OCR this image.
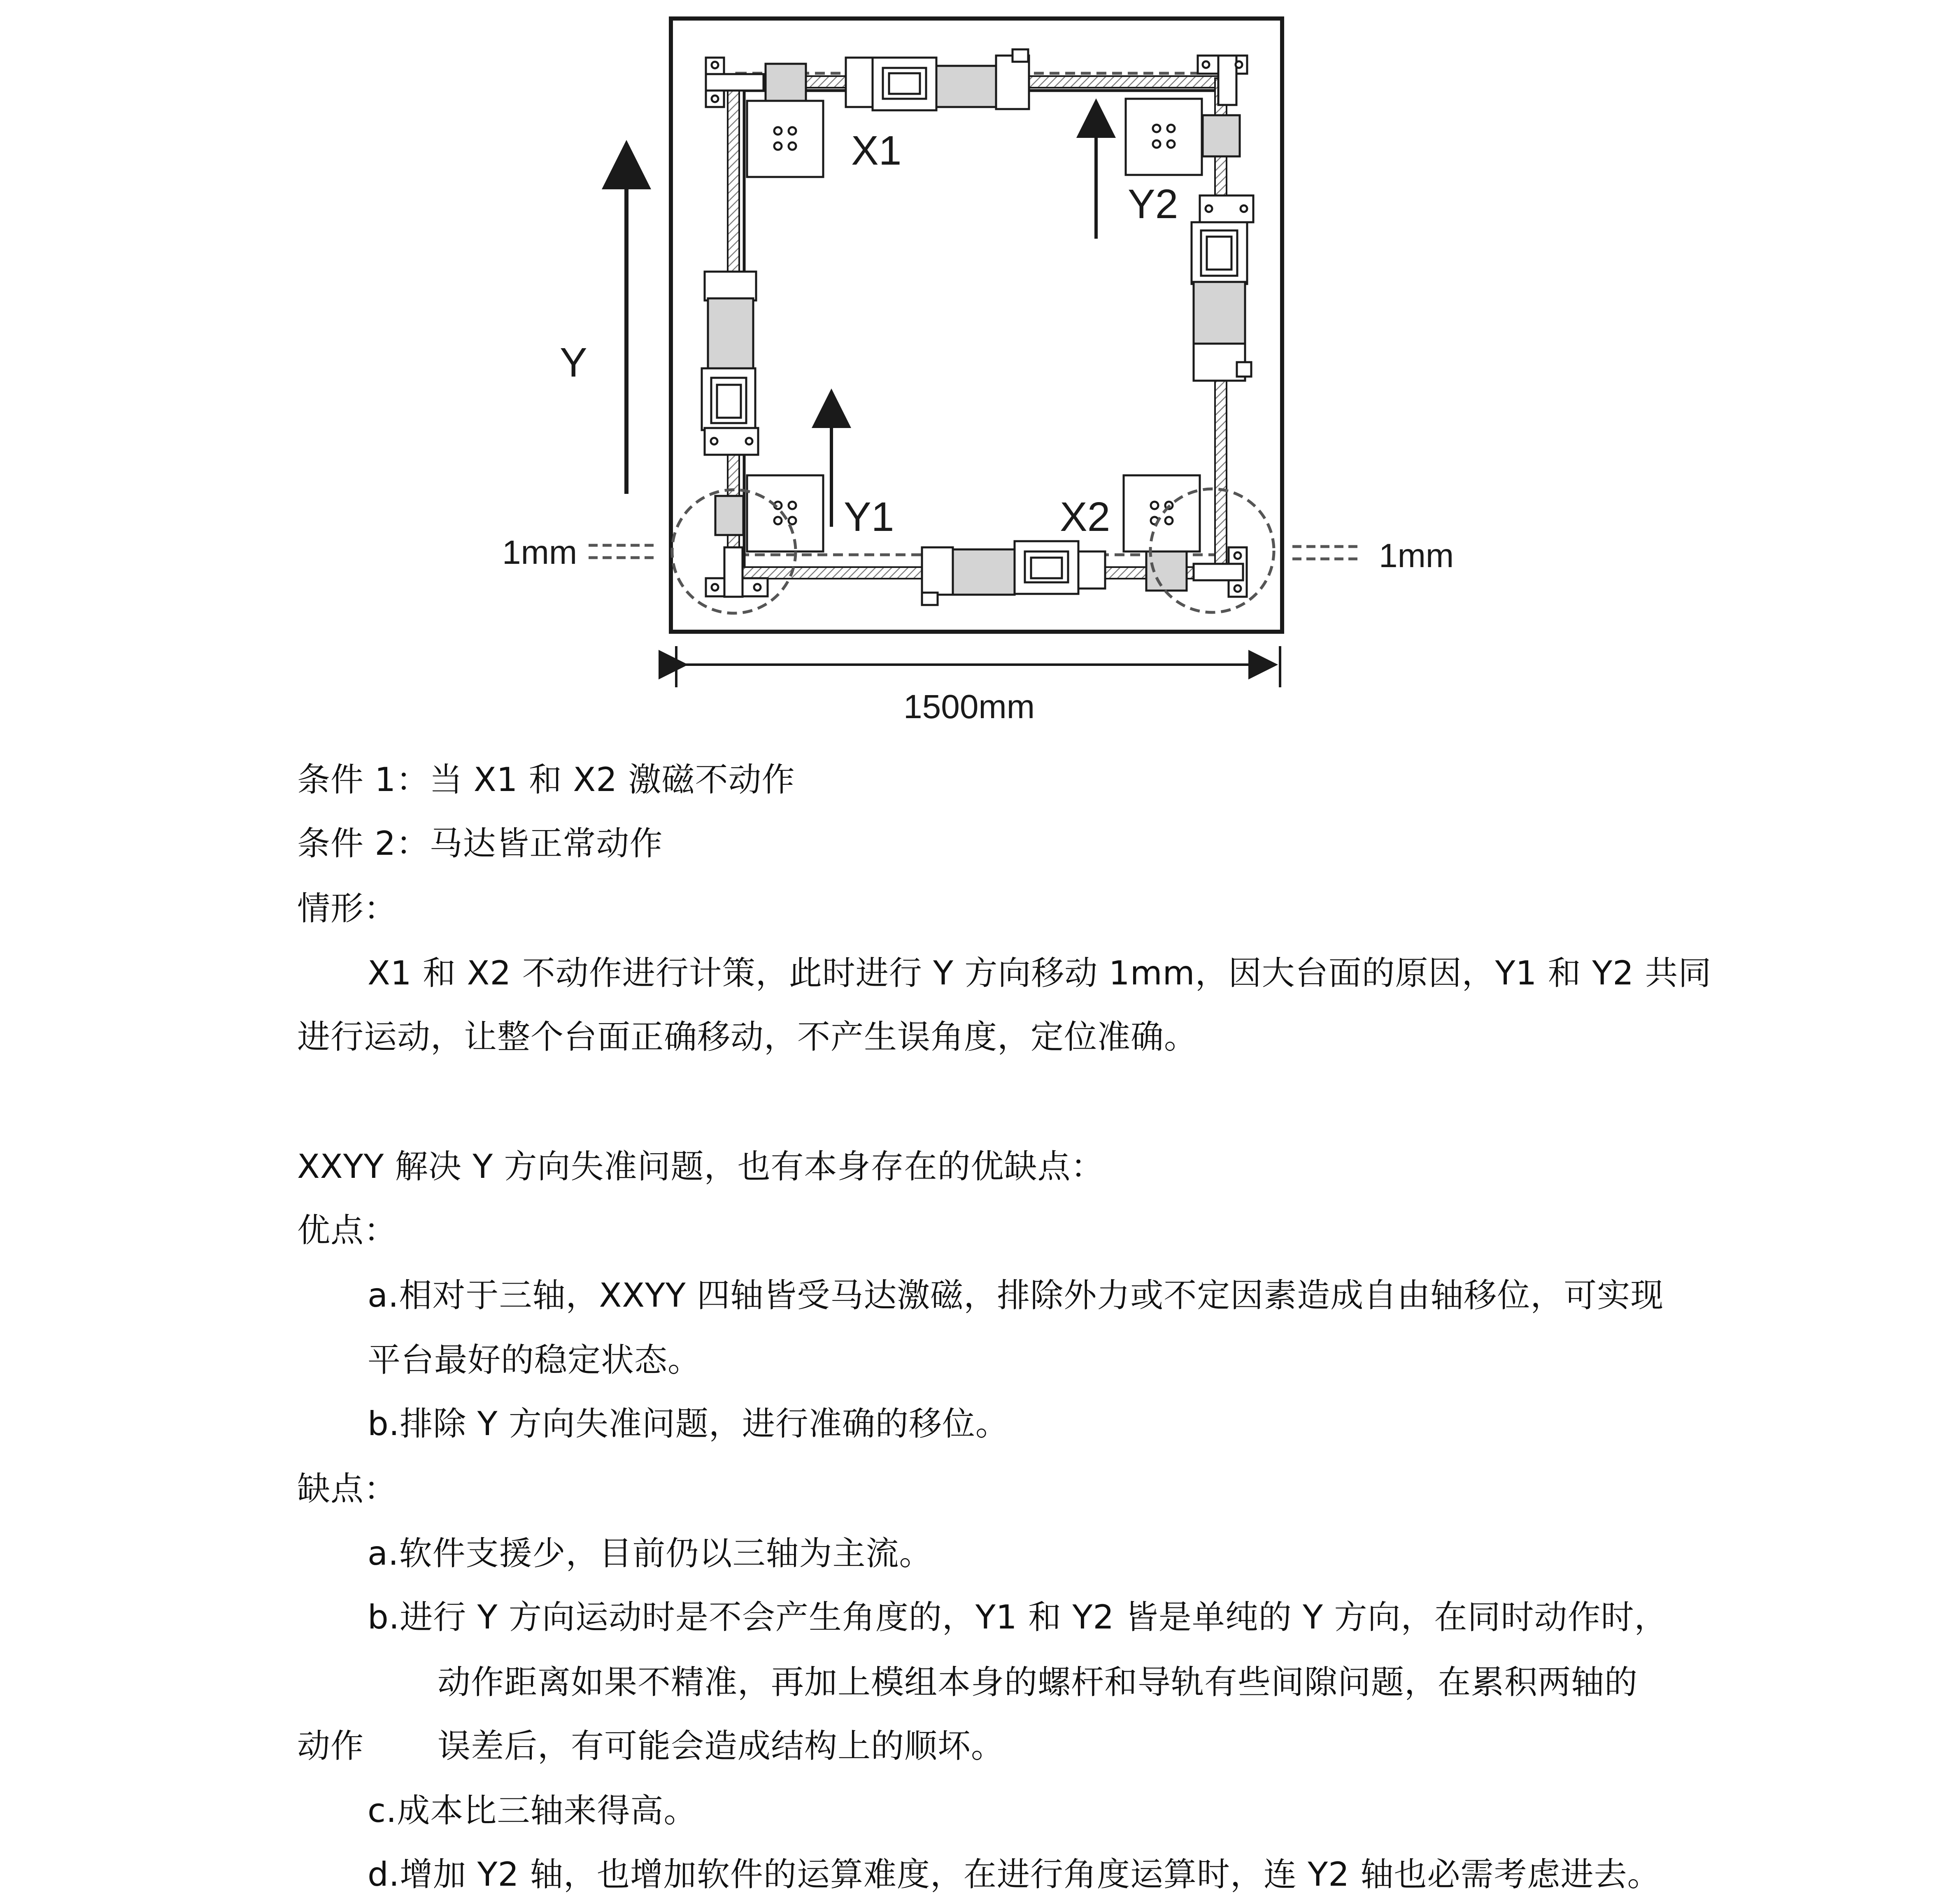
X1
Y2
Y
Y1	X2
1mm	1mm
1500mm
条件 1：当 X1 和 X2 激磁不动作
条件 2：马达皆正常动作
情形：
X1 和 X2 不动作进行计策，此时进行 Y 方向移动 1mm，因大台面的原因，Y1 和 Y2 共同
进行运动，让整个台面正确移动，不产生误角度，定位准确。
XXYY 解决 Y 方向失准问题，也有本身存在的优缺点：
优点：
a.相对于三轴，XXYY 四轴皆受马达激磁，排除外力或不定因素造成自由轴移位，可实现
平台最好的稳定状态。
b.排除 Y 方向失准问题，进行准确的移位。
缺点：
a.软件支援少，目前仍以三轴为主流。
b.进行 Y 方向运动时是不会产生角度的，Y1 和 Y2 皆是单纯的 Y 方向，在同时动作时，
动作距离如果不精准，再加上模组本身的螺杆和导轨有些间隙问题，在累积两轴的
动作 误差后，有可能会造成结构上的顺坏。
c.成本比三轴来得高。
d.增加 Y2 轴，也增加软件的运算难度，在进行角度运算时，连 Y2 轴也必需考虑进去。
